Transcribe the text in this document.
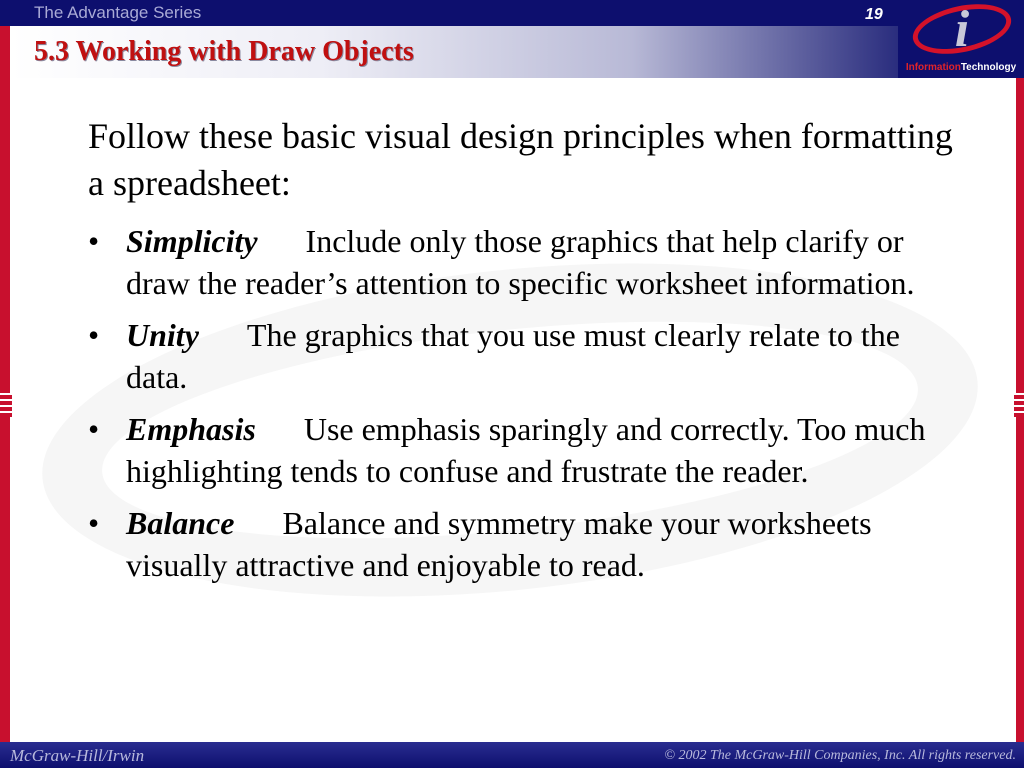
The Advantage Series	19
5.3 Working with Draw Objects	i
InformationTechnology

Follow these basic visual design principles when formatting a spreadsheet:

• Simplicity Include only those graphics that help clarify or draw the reader’s attention to specific worksheet information.
• Unity The graphics that you use must clearly relate to the data.
• Emphasis Use emphasis sparingly and correctly. Too much highlighting tends to confuse and frustrate the reader.
• Balance Balance and symmetry make your worksheets visually attractive and enjoyable to read.
McGraw-Hill/Irwin	© 2002 The McGraw-Hill Companies, Inc. All rights reserved.
